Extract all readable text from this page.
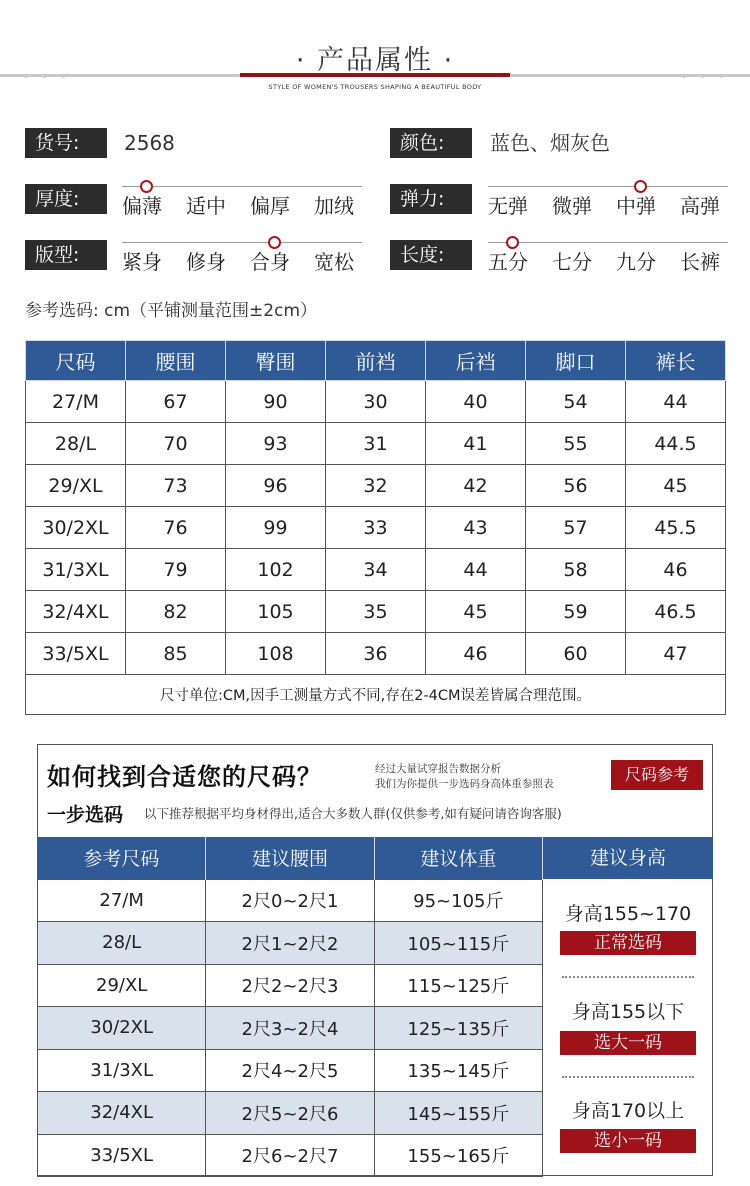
• • •	• • •
· 产品属性 ·
STYLE OF WOMEN'S TROUSERS SHAPING A BEAUTIFUL BODY
货号:	2568	颜色:	蓝色、烟灰色
厚度:	偏薄 适中 偏厚 加绒	弹力:	无弹 微弹 中弹 高弹
版型:	紧身 修身 合身 宽松	长度:	五分 七分 九分 长裤
参考选码: cm（平铺测量范围±2cm）
尺码	腰围	臀围	前裆	后裆	脚口	裤长
27/M	67	90	30	40	54	44
28/L	70	93	31	41	55	44.5
29/XL	73	96	32	42	56	45
30/2XL	76	99	33	43	57	45.5
31/3XL	79	102	34	44	58	46
32/4XL	82	105	35	45	59	46.5
33/5XL	85	108	36	46	60	47
尺寸单位:CM,因手工测量方式不同,存在2-4CM误差皆属合理范围。						
如何找到合适您的尺码？	经过大量试穿报告数据分析
我们为你提供一步选码身高体重参照表	尺码参考
一步选码 以下推荐根据平均身材得出,适合大多数人群(仅供参考,如有疑问请咨询客服)
参考尺码	建议腰围	建议体重
27/M	2尺0~2尺1	95~105斤
28/L	2尺1~2尺2	105~115斤
29/XL	2尺2~2尺3	115~125斤
30/2XL	2尺3~2尺4	125~135斤
31/3XL	2尺4~2尺5	135~145斤
32/4XL	2尺5~2尺6	145~155斤
33/5XL	2尺6~2尺7	155~165斤
建议身高
身高155~170
正常选码
身高155以下
选大一码
身高170以上
选小一码
